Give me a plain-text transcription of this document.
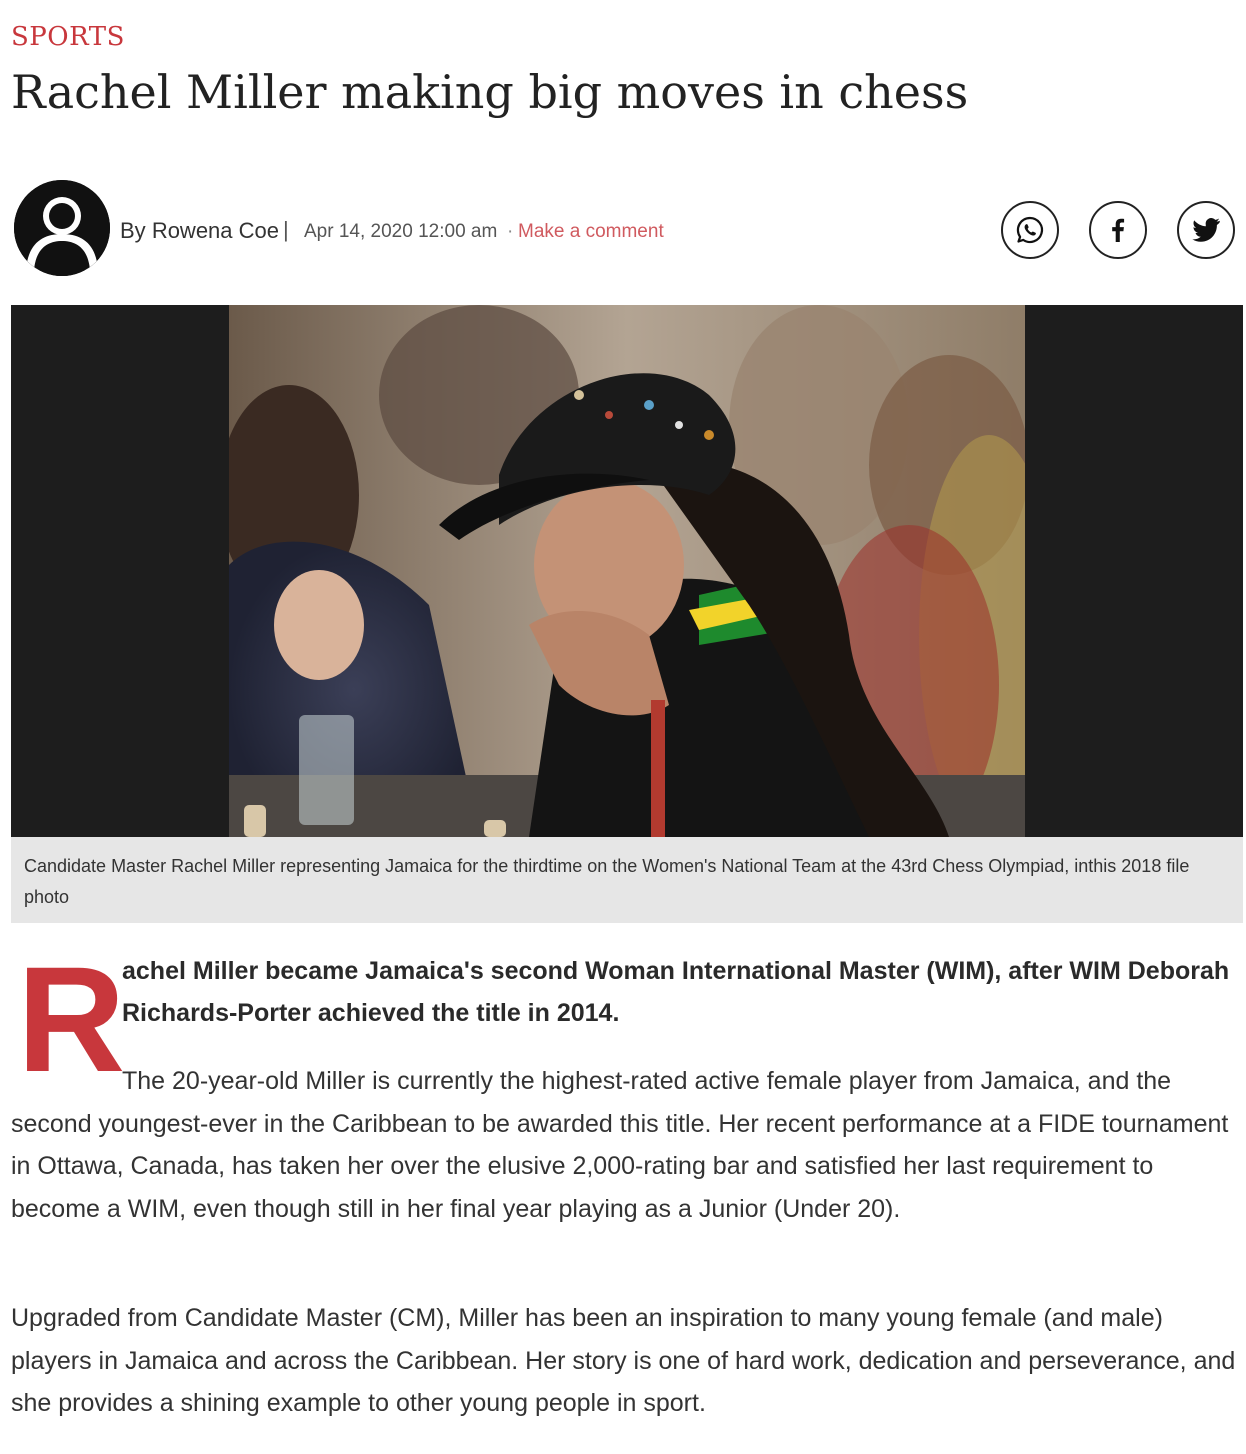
SPORTS
Rachel Miller making big moves in chess
By Rowena Coe | Apr 14, 2020 12:00 am · Make a comment
Candidate Master Rachel Miller representing Jamaica for the thirdtime on the Women's National Team at the 43rd Chess Olympiad, inthis 2018 file photo
R

achel Miller became Jamaica's second Woman International Master (WIM), after WIM Deborah Richards-Porter achieved the title in 2014.

The 20-year-old Miller is currently the highest-rated active female player from Jamaica, and the second youngest-ever in the Caribbean to be awarded this title. Her recent performance at a FIDE tournament in Ottawa, Canada, has taken her over the elusive 2,000-rating bar and satisfied her last requirement to become a WIM, even though still in her final year playing as a Junior (Under 20).

Upgraded from Candidate Master (CM), Miller has been an inspiration to many young female (and male) players in Jamaica and across the Caribbean. Her story is one of hard work, dedication and perseverance, and she provides a shining example to other young people in sport.
